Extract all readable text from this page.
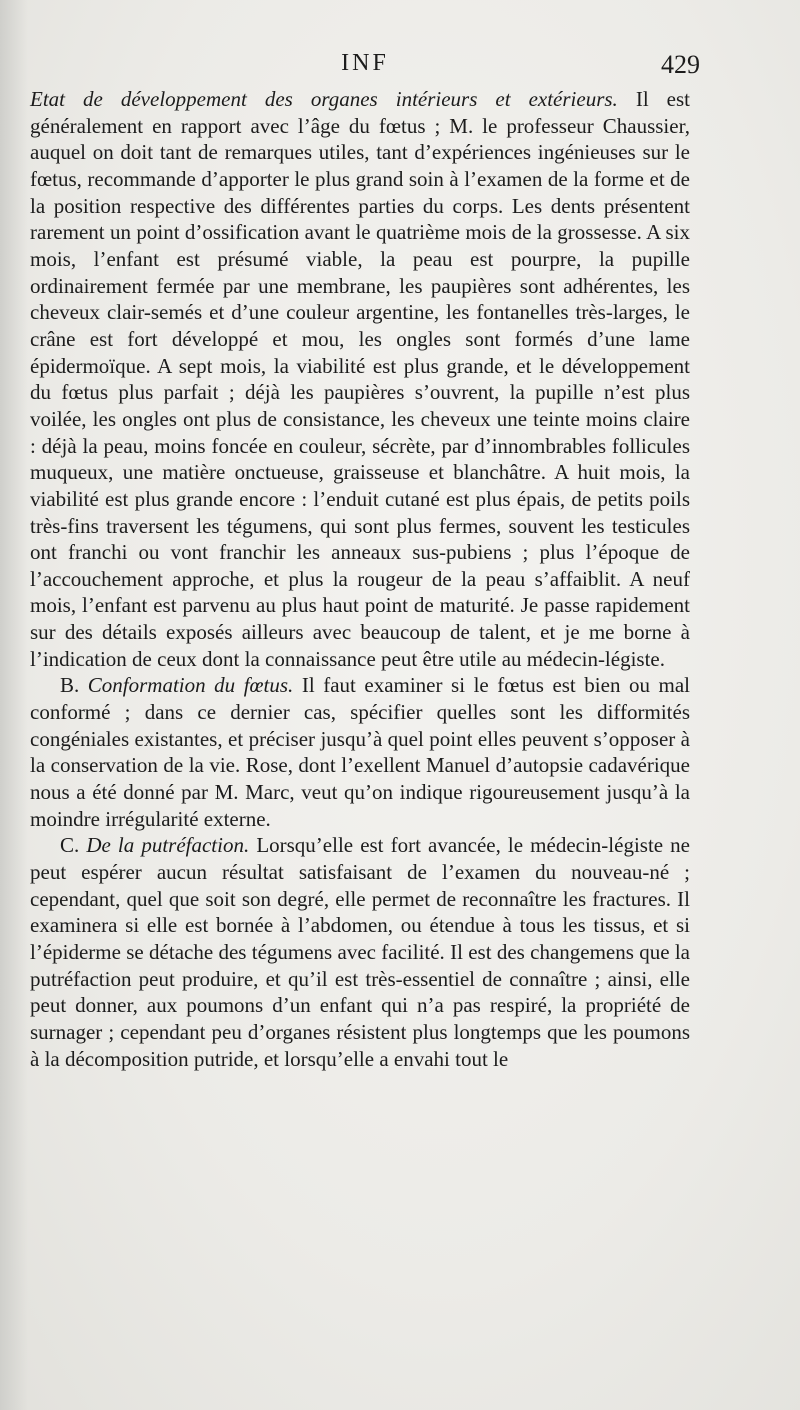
INF	429

Etat de développement des organes intérieurs et extérieurs. Il est généralement en rapport avec l’âge du fœtus ; M. le professeur Chaussier, auquel on doit tant de remarques utiles, tant d’expériences ingénieuses sur le fœtus, recommande d’apporter le plus grand soin à l’examen de la forme et de la position respective des différentes parties du corps. Les dents présentent rarement un point d’ossification avant le quatrième mois de la grossesse. A six mois, l’enfant est présumé viable, la peau est pourpre, la pupille ordinairement fermée par une membrane, les paupières sont adhérentes, les cheveux clair-semés et d’une couleur argentine, les fontanelles très-larges, le crâne est fort développé et mou, les ongles sont formés d’une lame épidermoïque. A sept mois, la viabilité est plus grande, et le développement du fœtus plus parfait ; déjà les paupières s’ouvrent, la pupille n’est plus voilée, les ongles ont plus de consistance, les cheveux une teinte moins claire : déjà la peau, moins foncée en couleur, sécrète, par d’innombrables follicules muqueux, une matière onctueuse, graisseuse et blanchâtre. A huit mois, la viabilité est plus grande encore : l’enduit cutané est plus épais, de petits poils très-fins traversent les tégumens, qui sont plus fermes, souvent les testicules ont franchi ou vont franchir les anneaux sus-pubiens ; plus l’époque de l’accouchement approche, et plus la rougeur de la peau s’affaiblit. A neuf mois, l’enfant est parvenu au plus haut point de maturité. Je passe rapidement sur des détails exposés ailleurs avec beaucoup de talent, et je me borne à l’indication de ceux dont la connaissance peut être utile au médecin-légiste.

B. Conformation du fœtus. Il faut examiner si le fœtus est bien ou mal conformé ; dans ce dernier cas, spécifier quelles sont les difformités congéniales existantes, et préciser jusqu’à quel point elles peuvent s’opposer à la conservation de la vie. Rose, dont l’exellent Manuel d’autopsie cadavérique nous a été donné par M. Marc, veut qu’on indique rigoureusement jusqu’à la moindre irrégularité externe.

C. De la putréfaction. Lorsqu’elle est fort avancée, le médecin-légiste ne peut espérer aucun résultat satisfaisant de l’examen du nouveau-né ; cependant, quel que soit son degré, elle permet de reconnaître les fractures. Il examinera si elle est bornée à l’abdomen, ou étendue à tous les tissus, et si l’épiderme se détache des tégumens avec facilité. Il est des changemens que la putréfaction peut produire, et qu’il est très-essentiel de connaître ; ainsi, elle peut donner, aux poumons d’un enfant qui n’a pas respiré, la propriété de surnager ; cependant peu d’organes résistent plus longtemps que les poumons à la décomposition putride, et lorsqu’elle a envahi tout le
